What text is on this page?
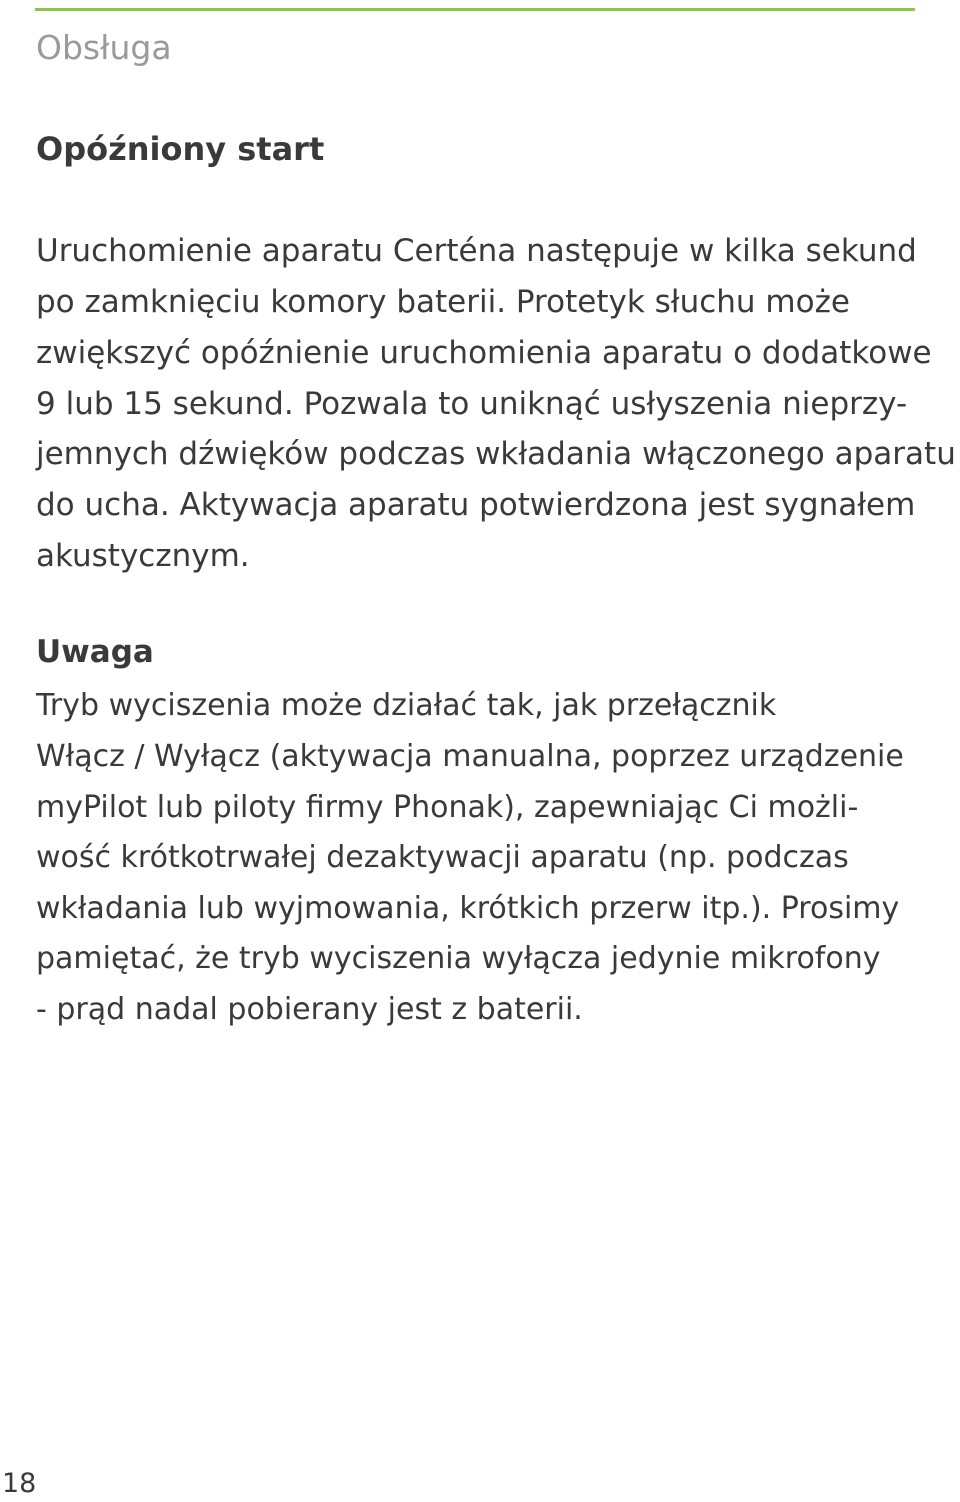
Obsługa
Opóźniony start
Uruchomienie aparatu Certéna następuje w kilka sekund
po zamknięciu komory baterii. Protetyk słuchu może
zwiększyć opóźnienie uruchomienia aparatu o dodatkowe
9 lub 15 sekund. Pozwala to uniknąć usłyszenia nieprzy-
jemnych dźwięków podczas wkładania włączonego aparatu
do ucha. Aktywacja aparatu potwierdzona jest sygnałem
akustycznym.
Uwaga
Tryb wyciszenia może działać tak, jak przełącznik
Włącz / Wyłącz (aktywacja manualna, poprzez urządzenie
myPilot lub piloty firmy Phonak), zapewniając Ci możli-
wość krótkotrwałej dezaktywacji aparatu (np. podczas
wkładania lub wyjmowania, krótkich przerw itp.). Prosimy
pamiętać, że tryb wyciszenia wyłącza jedynie mikrofony
- prąd nadal pobierany jest z baterii.
18
